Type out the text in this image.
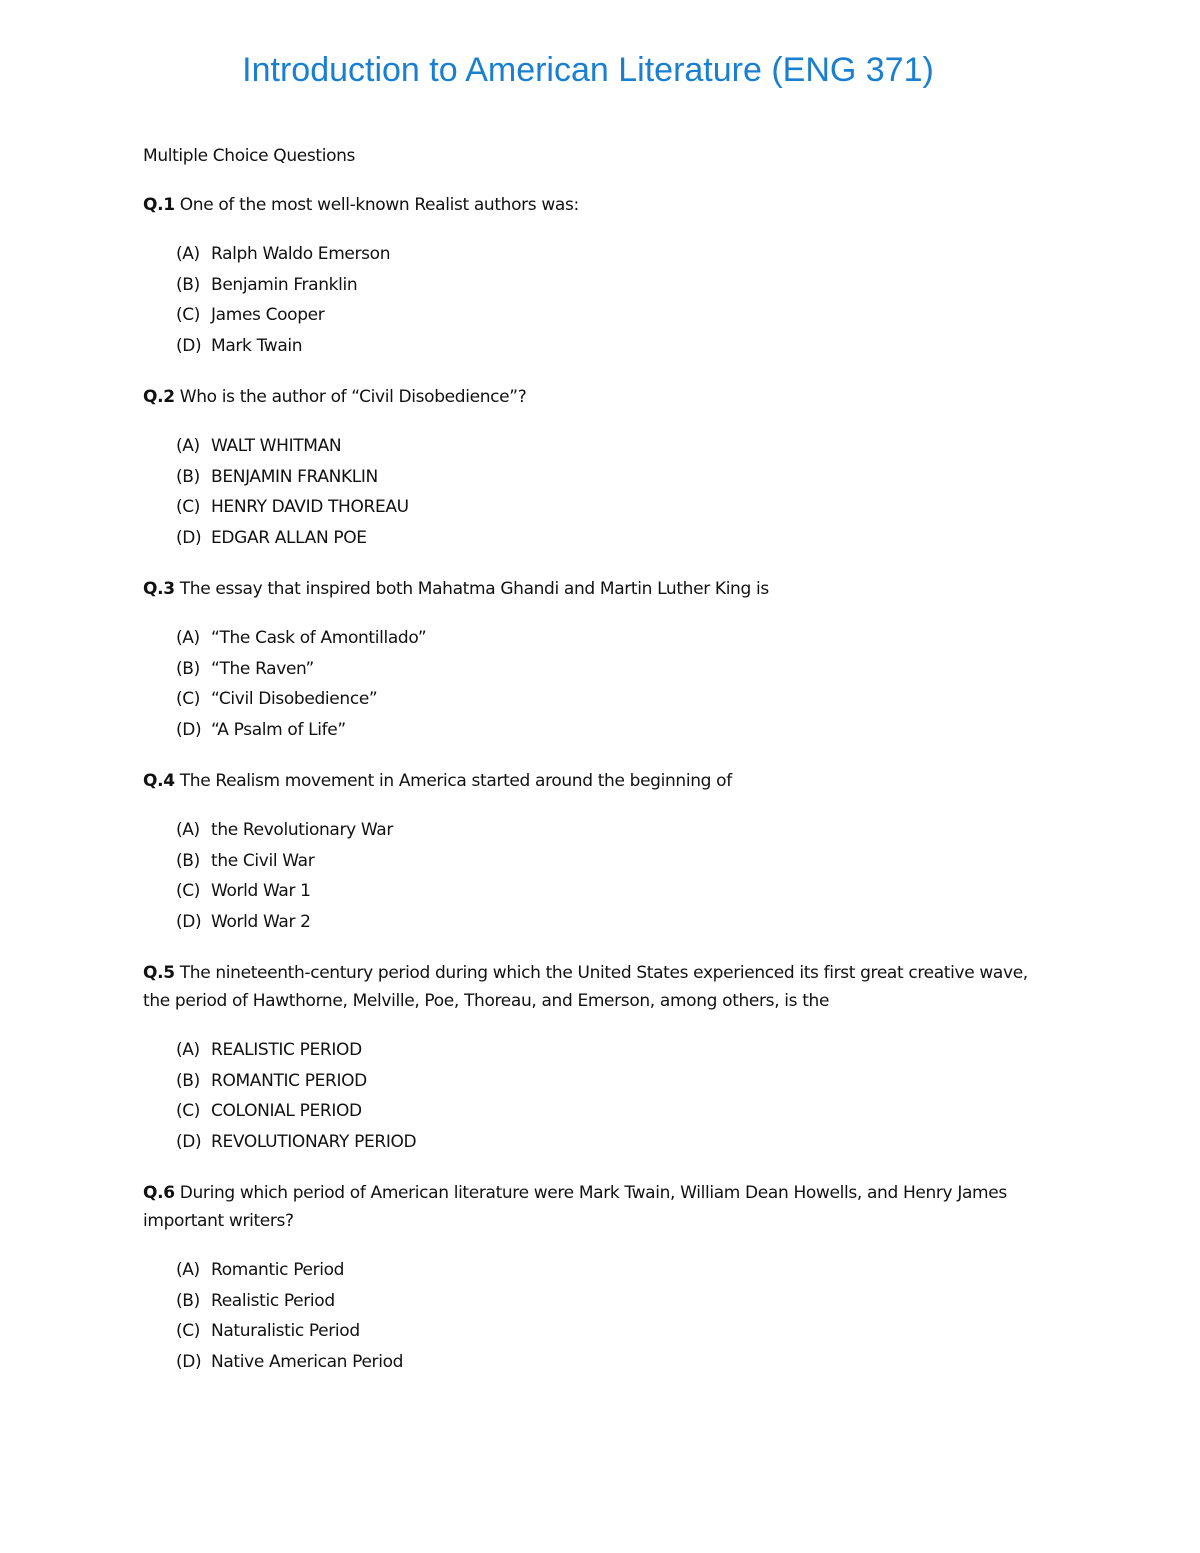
Introduction to American Literature (ENG 371)
Multiple Choice Questions

Q.1 One of the most well-known Realist authors was:

(A) Ralph Waldo Emerson
(B) Benjamin Franklin
(C) James Cooper
(D) Mark Twain

Q.2 Who is the author of “Civil Disobedience”?

(A) WALT WHITMAN
(B) BENJAMIN FRANKLIN
(C) HENRY DAVID THOREAU
(D) EDGAR ALLAN POE

Q.3 The essay that inspired both Mahatma Ghandi and Martin Luther King is

(A) “The Cask of Amontillado”
(B) “The Raven”
(C) “Civil Disobedience”
(D) “A Psalm of Life”

Q.4 The Realism movement in America started around the beginning of

(A) the Revolutionary War
(B) the Civil War
(C) World War 1
(D) World War 2

Q.5 The nineteenth-century period during which the United States experienced its first great creative wave, the period of Hawthorne, Melville, Poe, Thoreau, and Emerson, among others, is the

(A) REALISTIC PERIOD
(B) ROMANTIC PERIOD
(C) COLONIAL PERIOD
(D) REVOLUTIONARY PERIOD

Q.6 During which period of American literature were Mark Twain, William Dean Howells, and Henry James important writers?

(A) Romantic Period
(B) Realistic Period
(C) Naturalistic Period
(D) Native American Period
